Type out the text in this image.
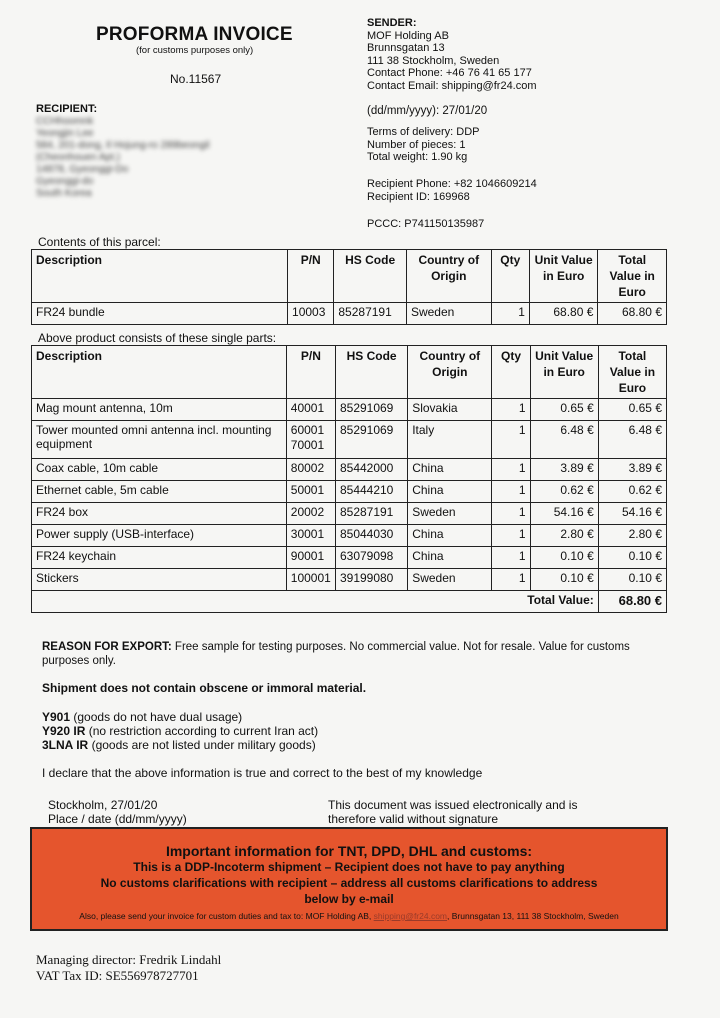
PROFORMA INVOICE
(for customs purposes only)
No.11567
SENDER:
MOF Holding AB
Brunnsgatan 13
111 38 Stockholm, Sweden
Contact Phone: +46 76 41 65 177
Contact Email: shipping@fr24.com
RECIPIENT:
CCHhoomnk
Yeongjin Lee
584, 201-dong, Il Hojung-ro 289beongil
(Cheonhouen Apt.)
14878, Gyeonggi-Do
Gyeonggi-do
South Korea
(dd/mm/yyyy): 27/01/20
Terms of delivery: DDP
Number of pieces: 1
Total weight: 1.90 kg
Recipient Phone: +82 1046609214
Recipient ID: 169968
PCCC: P741150135987
Contents of this parcel:
Description	P/N	HS Code	Country of Origin	Qty	Unit Value in Euro	Total Value in Euro
FR24 bundle	10003	85287191	Sweden	1	68.80 €	68.80 €
Above product consists of these single parts:
Description	P/N	HS Code	Country of Origin	Qty	Unit Value in Euro	Total Value in Euro
Mag mount antenna, 10m	40001	85291069	Slovakia	1	0.65 €	0.65 €
Tower mounted omni antenna incl. mounting equipment	60001 70001	85291069	Italy	1	6.48 €	6.48 €
Coax cable, 10m cable	80002	85442000	China	1	3.89 €	3.89 €
Ethernet cable, 5m cable	50001	85444210	China	1	0.62 €	0.62 €
FR24 box	20002	85287191	Sweden	1	54.16 €	54.16 €
Power supply (USB-interface)	30001	85044030	China	1	2.80 €	2.80 €
FR24 keychain	90001	63079098	China	1	0.10 €	0.10 €
Stickers	100001	39199080	Sweden	1	0.10 €	0.10 €
Total Value:						68.80 €
REASON FOR EXPORT: Free sample for testing purposes. No commercial value. Not for resale. Value for customs purposes only.
Shipment does not contain obscene or immoral material.
Y901 (goods do not have dual usage)
Y920 IR (no restriction according to current Iran act)
3LNA IR (goods are not listed under military goods)
I declare that the above information is true and correct to the best of my knowledge
Stockholm, 27/01/20
Place / date (dd/mm/yyyy)
This document was issued electronically and is
therefore valid without signature
Important information for TNT, DPD, DHL and customs:
This is a DDP-Incoterm shipment – Recipient does not have to pay anything
No customs clarifications with recipient – address all customs clarifications to address
below by e-mail
Also, please send your invoice for custom duties and tax to: MOF Holding AB, shipping@fr24.com, Brunnsgatan 13, 111 38 Stockholm, Sweden
Managing director: Fredrik Lindahl
VAT Tax ID: SE556978727701
